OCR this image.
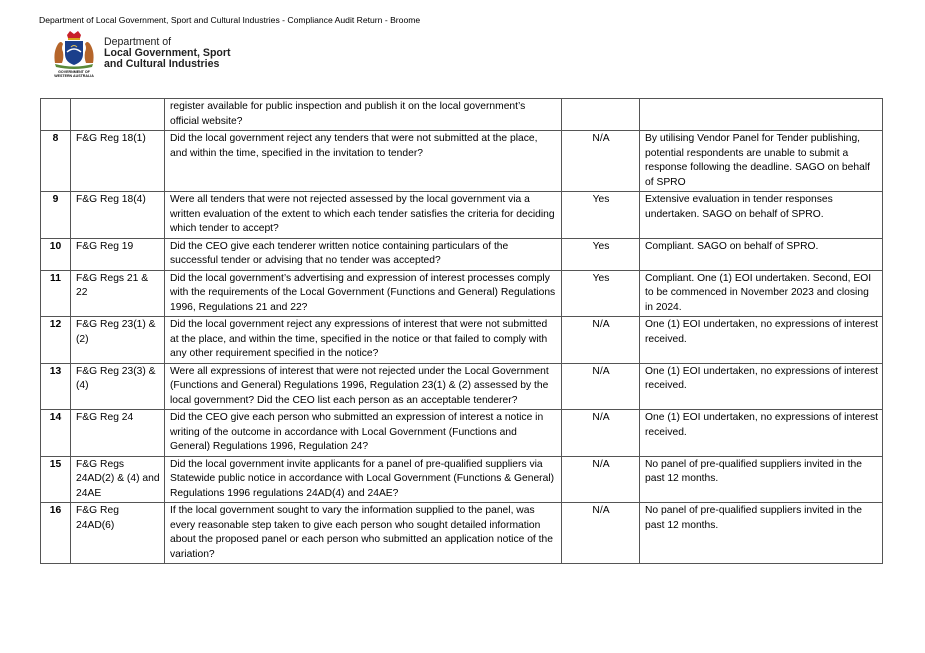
Department of Local Government, Sport and Cultural Industries - Compliance Audit Return - Broome
GOVERNMENT OF
WESTERN AUSTRALIA
Department of
Local Government, Sport
and Cultural Industries
		register available for public inspection and publish it on the local government’s official website?		
8	F&G Reg 18(1)	Did the local government reject any tenders that were not submitted at the place, and within the time, specified in the invitation to tender?	N/A	By utilising Vendor Panel for Tender publishing, potential respondents are unable to submit a response following the deadline. SAGO on behalf of SPRO
9	F&G Reg 18(4)	Were all tenders that were not rejected assessed by the local government via a written evaluation of the extent to which each tender satisfies the criteria for deciding which tender to accept?	Yes	Extensive evaluation in tender responses undertaken. SAGO on behalf of SPRO.
10	F&G Reg 19	Did the CEO give each tenderer written notice containing particulars of the successful tender or advising that no tender was accepted?	Yes	Compliant. SAGO on behalf of SPRO.
11	F&G Regs 21 & 22	Did the local government’s advertising and expression of interest processes comply with the requirements of the Local Government (Functions and General) Regulations 1996, Regulations 21 and 22?	Yes	Compliant. One (1) EOI undertaken. Second, EOI to be commenced in November 2023 and closing in 2024.
12	F&G Reg 23(1) & (2)	Did the local government reject any expressions of interest that were not submitted at the place, and within the time, specified in the notice or that failed to comply with any other requirement specified in the notice?	N/A	One (1) EOI undertaken, no expressions of interest received.
13	F&G Reg 23(3) & (4)	Were all expressions of interest that were not rejected under the Local Government (Functions and General) Regulations 1996, Regulation 23(1) & (2) assessed by the local government? Did the CEO list each person as an acceptable tenderer?	N/A	One (1) EOI undertaken, no expressions of interest received.
14	F&G Reg 24	Did the CEO give each person who submitted an expression of interest a notice in writing of the outcome in accordance with Local Government (Functions and General) Regulations 1996, Regulation 24?	N/A	One (1) EOI undertaken, no expressions of interest received.
15	F&G Regs 24AD(2) & (4) and 24AE	Did the local government invite applicants for a panel of pre-qualified suppliers via Statewide public notice in accordance with Local Government (Functions & General) Regulations 1996 regulations 24AD(4) and 24AE?	N/A	No panel of pre-qualified suppliers invited in the past 12 months.
16	F&G Reg 24AD(6)	If the local government sought to vary the information supplied to the panel, was every reasonable step taken to give each person who sought detailed information about the proposed panel or each person who submitted an application notice of the variation?	N/A	No panel of pre-qualified suppliers invited in the past 12 months.
